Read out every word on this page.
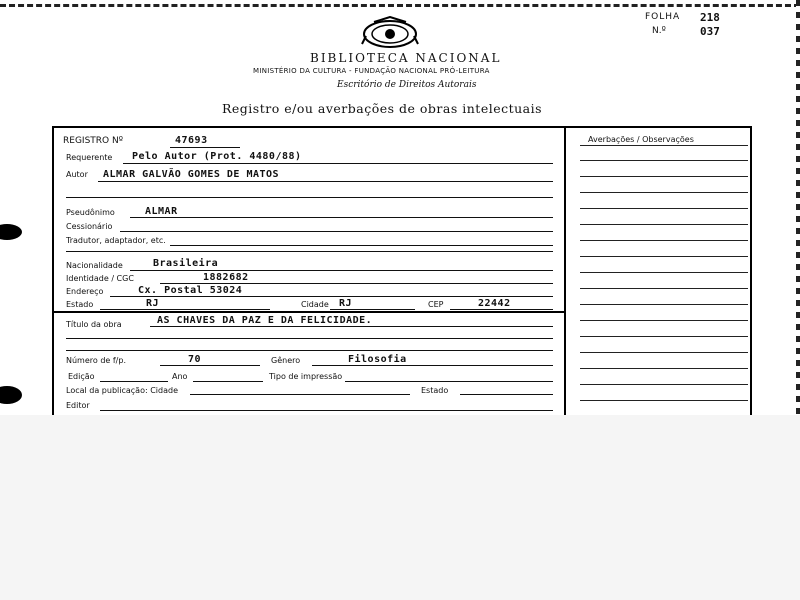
FOLHA 218
N.º	037
BIBLIOTECA NACIONAL
MINISTÉRIO DA CULTURA - FUNDAÇÃO NACIONAL PRÓ-LEITURA
Escritório de Direitos Autorais
Registro e/ou averbações de obras intelectuais
Averbações / Observações
REGISTRO Nº	47693
Requerente Pelo Autor (Prot. 4480/88)
Autor ALMAR GALVÃO GOMES DE MATOS
Pseudônimo	ALMAR
Cessionário
Tradutor, adaptador, etc.
Nacionalidade	Brasileira
Identidade / CGC	1882682
Endereço	Cx. Postal 53024
Estado	RJ	Cidade RJ	CEP	22442
Título da obra	AS CHAVES DA PAZ E DA FELICIDADE.
Número de f/p.	70	Gênero	Filosofia
Edição	Ano	Tipo de impressão
Local da publicação: Cidade	Estado
Editor
